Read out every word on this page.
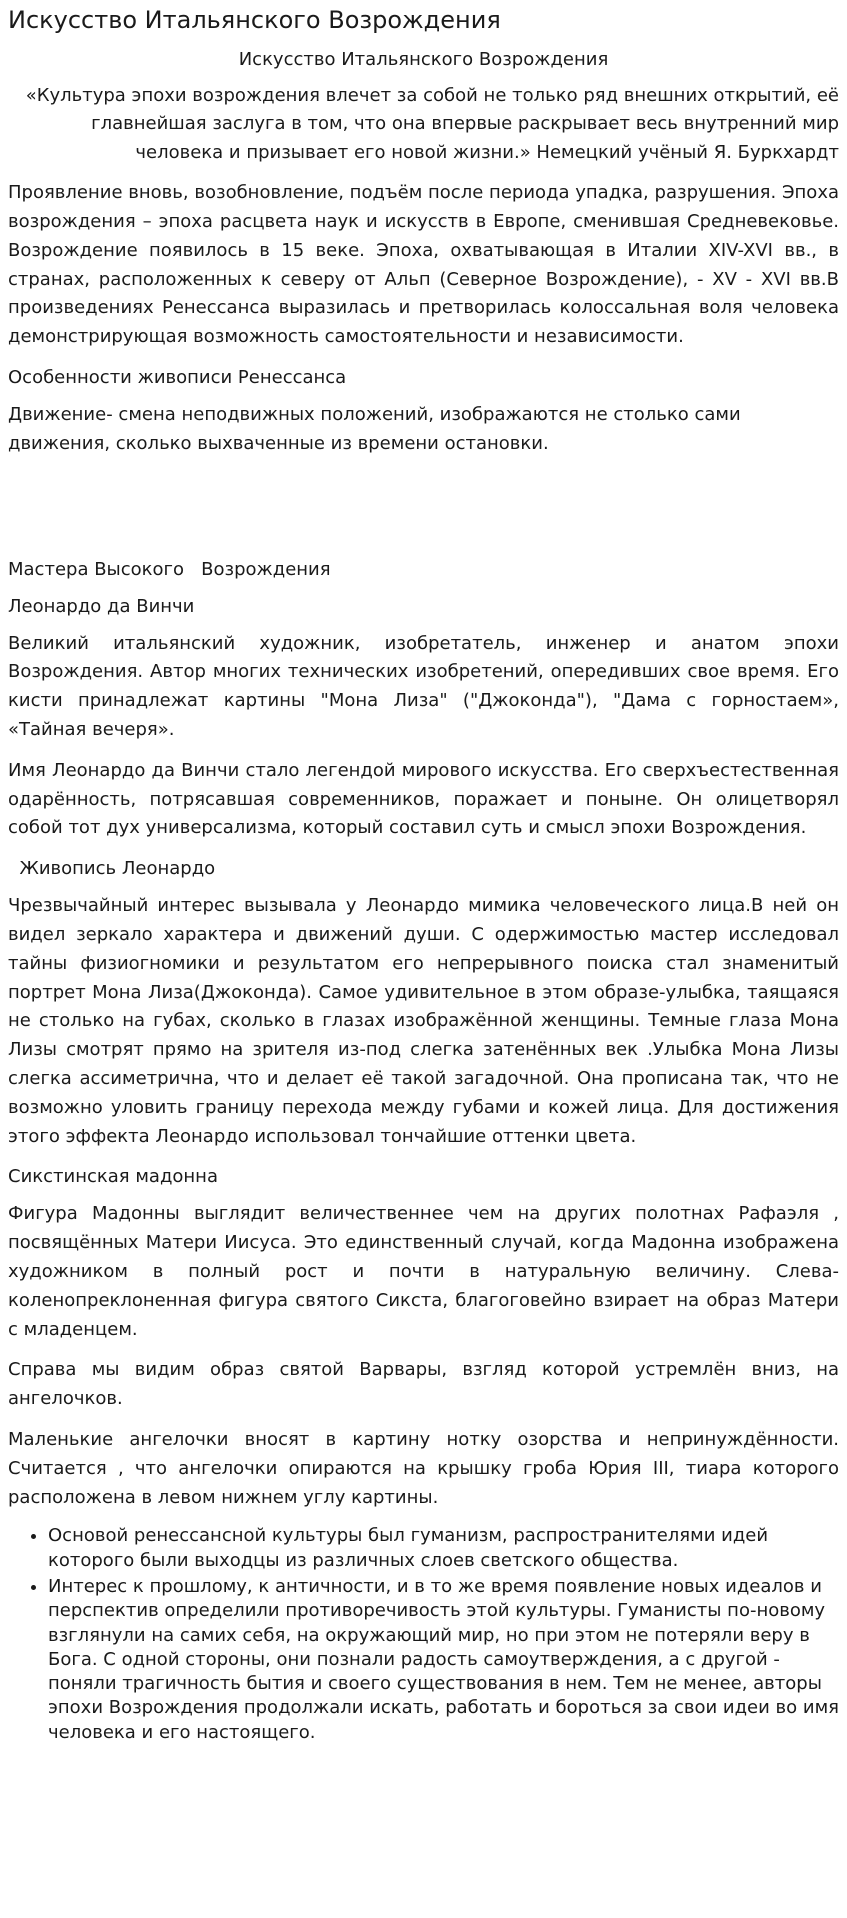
Искусство Итальянского Возрождения
Искусство Итальянского Возрождения
«Культура эпохи возрождения влечет за собой не только ряд внешних открытий, её главнейшая заслуга в том, что она впервые раскрывает весь внутренний мир человека и призывает его новой жизни.» Немецкий учёный Я. Буркхардт

Проявление вновь, возобновление, подъём после периода упадка, разрушения. Эпоха возрождения – эпоха расцвета наук и искусств в Европе, сменившая Средневековье. Возрождение появилось в 15 веке. Эпоха, охватывающая в Италии XIV-XVI вв., в странах, расположенных к северу от Альп (Северное Возрождение), - XV - XVI вв.В произведениях Ренессанса выразилась и претворилась колоссальная воля человека демонстрирующая возможность самостоятельности и независимости.

Особенности живописи Ренессанса

Движение- смена неподвижных положений, изображаются не столько сами движения, сколько выхваченные из времени остановки.

Мастера Высокого   Возрождения
Леонардо да Винчи

Великий итальянский художник, изобретатель, инженер и анатом эпохи Возрождения. Автор многих технических изобретений, опередивших свое время. Его кисти принадлежат картины "Мона Лиза" ("Джоконда"), "Дама с горностаем», «Тайная вечеря».

Имя Леонардо да Винчи стало легендой мирового искусства. Его сверхъестественная одарённость, потрясавшая современников, поражает и поныне. Он олицетворял собой тот дух универсализма, который составил суть и смысл эпохи Возрождения.

Живопись Леонардо

Чрезвычайный интерес вызывала у Леонардо мимика человеческого лица.В ней он видел зеркало характера и движений души. С одержимостью мастер исследовал тайны физиогномики и результатом его непрерывного поиска стал знаменитый портрет Мона Лиза(Джоконда). Самое удивительное в этом образе-улыбка, таящаяся не столько на губах, сколько в глазах изображённой женщины. Темные глаза Мона Лизы смотрят прямо на зрителя из-под слегка затенённых век .Улыбка Мона Лизы слегка ассиметрична, что и делает её такой загадочной. Она прописана так, что не возможно уловить границу перехода между губами и кожей лица. Для достижения этого эффекта Леонардо использовал тончайшие оттенки цвета.

Сикстинская мадонна

Фигура Мадонны выглядит величественнее чем на других полотнах Рафаэля , посвящённых Матери Иисуса. Это единственный случай, когда Мадонна изображена художником в полный рост и почти в натуральную величину. Слева- коленопреклоненная фигура святого Сикста, благоговейно взирает на образ Матери с младенцем.

Справа мы видим образ святой Варвары, взгляд которой устремлён вниз, на ангелочков.

Маленькие ангелочки вносят в картину нотку озорства и непринуждённости. Считается , что ангелочки опираются на крышку гроба Юрия III, тиара которого расположена в левом нижнем углу картины.

• Основой ренессансной культуры был гуманизм, распространителями идей которого были выходцы из различных слоев светского общества.
• Интерес к прошлому, к античности, и в то же время появление новых идеалов и перспектив определили противоречивость этой культуры. Гуманисты по-новому взглянули на самих себя, на окружающий мир, но при этом не потеряли веру в Бога. С одной стороны, они познали радость самоутверждения, а с другой - поняли трагичность бытия и своего существования в нем. Тем не менее, авторы эпохи Возрождения продолжали искать, работать и бороться за свои идеи во имя человека и его настоящего.
